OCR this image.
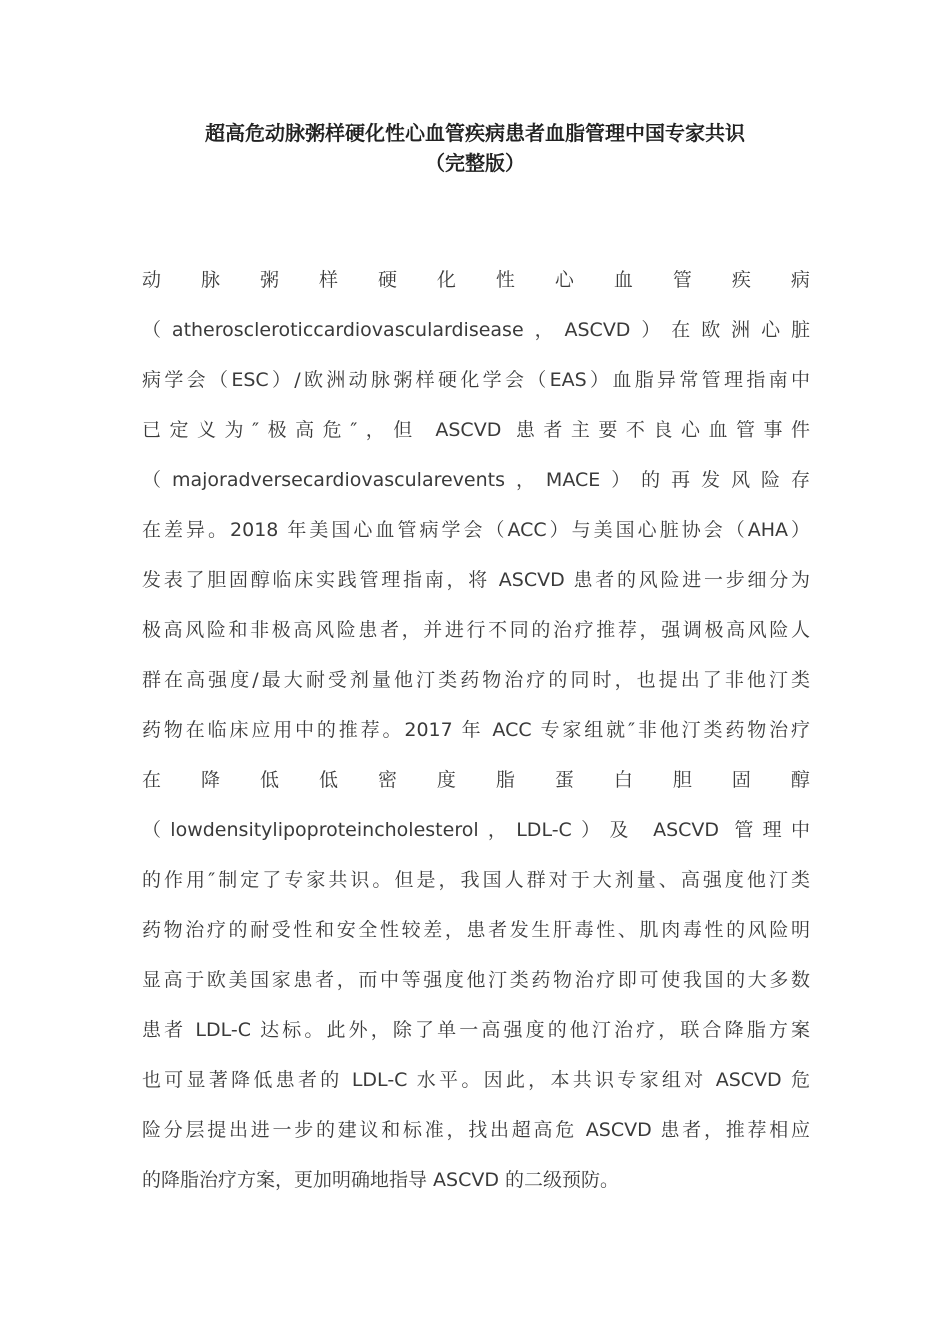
超高危动脉粥样硬化性心血管疾病患者血脂管理中国专家共识
（完整版）
动 脉 粥 样 硬 化 性 心 血 管 疾 病
（atheroscleroticcardiovasculardisease，ASCVD）在欧洲心脏
病学会（ESC）/欧洲动脉粥样硬化学会（EAS）血脂异常管理指南中
已定义为″极高危″，但 ASCVD 患者主要不良心血管事件
（majoradversecardiovascularevents，MACE）的再发风险存
在差异。2018 年美国心血管病学会（ACC）与美国心脏协会（AHA）
发表了胆固醇临床实践管理指南，将 ASCVD 患者的风险进一步细分为
极高风险和非极高风险患者，并进行不同的治疗推荐，强调极高风险人
群在高强度/最大耐受剂量他汀类药物治疗的同时，也提出了非他汀类
药物在临床应用中的推荐。2017 年 ACC 专家组就″非他汀类药物治疗
在 降 低 低 密 度 脂 蛋 白 胆 固 醇
（lowdensitylipoproteincholesterol，LDL-C）及 ASCVD 管理中
的作用″制定了专家共识。但是，我国人群对于大剂量、高强度他汀类
药物治疗的耐受性和安全性较差，患者发生肝毒性、肌肉毒性的风险明
显高于欧美国家患者，而中等强度他汀类药物治疗即可使我国的大多数
患者 LDL-C 达标。此外，除了单一高强度的他汀治疗，联合降脂方案
也可显著降低患者的 LDL-C 水平。因此，本共识专家组对 ASCVD 危
险分层提出进一步的建议和标准，找出超高危 ASCVD 患者，推荐相应
的降脂治疗方案，更加明确地指导 ASCVD 的二级预防。
